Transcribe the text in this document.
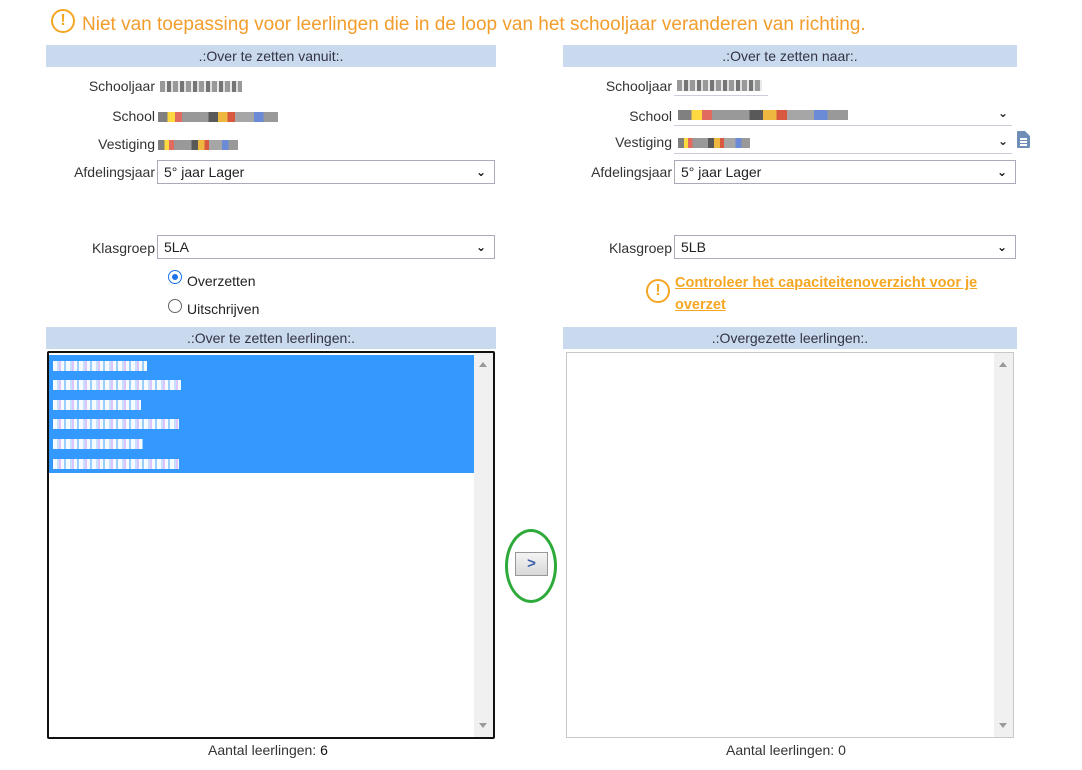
! Niet van toepassing voor leerlingen die in de loop van het schooljaar veranderen van richting.
.:Over te zetten vanuit:.
Schooljaar
School
Vestiging
Afdelingsjaar 5° jaar Lager	⌄
Klasgroep 5LA	⌄
Overzetten
Uitschrijven
.:Over te zetten leerlingen:.
Aantal leerlingen: 6
>
.:Over te zetten naar:.
Schooljaar
School	⌄
Vestiging	⌄
Afdelingsjaar 5° jaar Lager	⌄
Klasgroep 5LB	⌄
! Controleer het capaciteitenoverzicht voor je overzet
.:Overgezette leerlingen:.
Aantal leerlingen: 0
